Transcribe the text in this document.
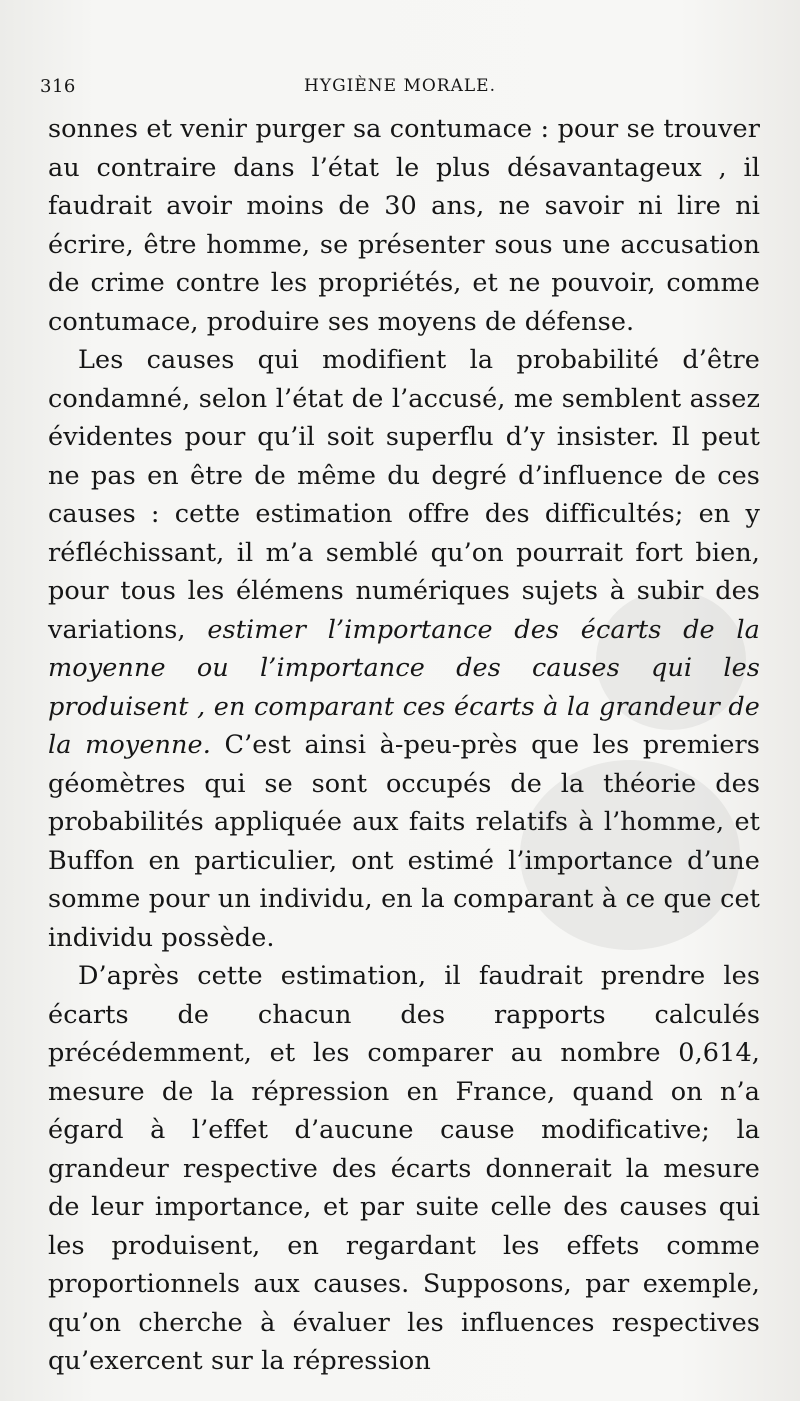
316	HYGIÈNE MORALE.

sonnes et venir purger sa contumace : pour se trouver au contraire dans l’état le plus désavantageux , il faudrait avoir moins de 30 ans, ne savoir ni lire ni écrire, être homme, se présenter sous une accusation de crime contre les propriétés, et ne pouvoir, comme contumace, produire ses moyens de défense.

Les causes qui modifient la probabilité d’être condamné, selon l’état de l’accusé, me semblent assez évidentes pour qu’il soit superflu d’y insister. Il peut ne pas en être de même du degré d’influence de ces causes : cette estimation offre des difficultés; en y réfléchissant, il m’a semblé qu’on pourrait fort bien, pour tous les élémens numériques sujets à subir des variations, estimer l’importance des écarts de la moyenne ou l’importance des causes qui les produisent , en comparant ces écarts à la grandeur de la moyenne. C’est ainsi à-peu-près que les premiers géomètres qui se sont occupés de la théorie des probabilités appliquée aux faits relatifs à l’homme, et Buffon en particulier, ont estimé l’importance d’une somme pour un individu, en la comparant à ce que cet individu possède.

D’après cette estimation, il faudrait prendre les écarts de chacun des rapports calculés précédemment, et les comparer au nombre 0,614, mesure de la répression en France, quand on n’a égard à l’effet d’aucune cause modificative; la grandeur respective des écarts donnerait la mesure de leur importance, et par suite celle des causes qui les produisent, en regardant les effets comme proportionnels aux causes. Supposons, par exemple, qu’on cherche à évaluer les influences respectives qu’exercent sur la répression
